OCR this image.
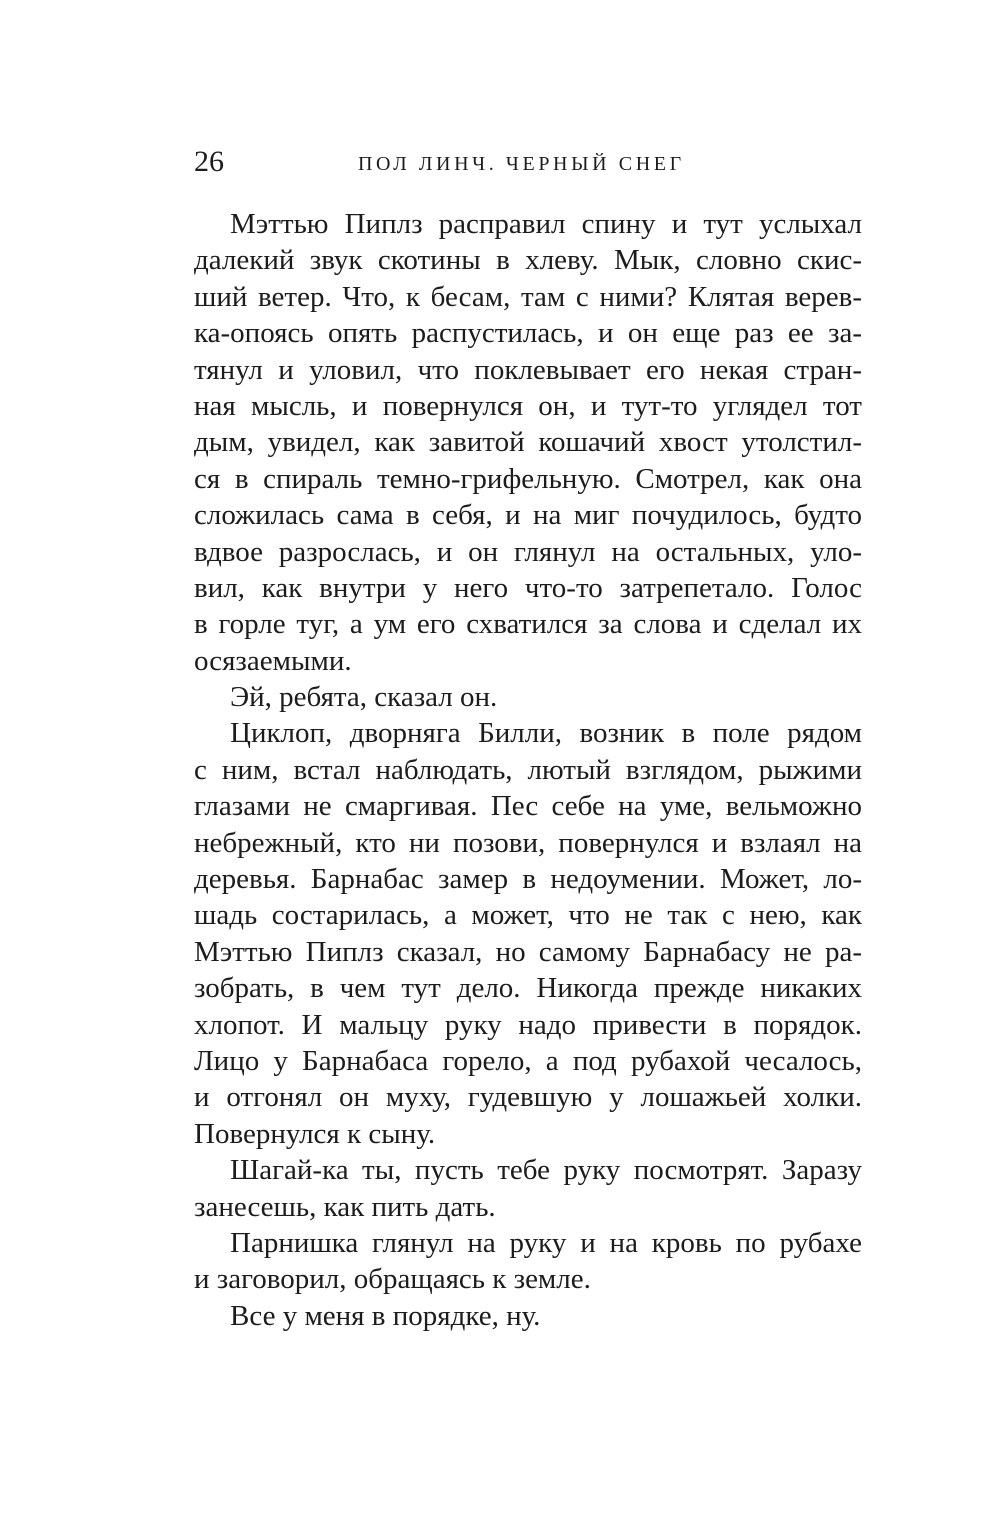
26	ПОЛ ЛИНЧ. ЧЕРНЫЙ СНЕГ
Мэттью Пиплз расправил спину и тут услыхал
далекий звук скотины в хлеву. Мык, словно скис-
ший ветер. Что, к бесам, там с ними? Клятая верев-
ка-опоясь опять распустилась, и он еще раз ее за-
тянул и уловил, что поклевывает его некая стран-
ная мысль, и повернулся он, и тут-то углядел тот
дым, увидел, как завитой кошачий хвост утолстил-
ся в спираль темно-грифельную. Смотрел, как она
сложилась сама в себя, и на миг почудилось, будто
вдвое разрослась, и он глянул на остальных, уло-
вил, как внутри у него что-то затрепетало. Голос
в горле туг, а ум его схватился за слова и сделал их
осязаемыми.
Эй, ребята, сказал он.
Циклоп, дворняга Билли, возник в поле рядом
с ним, встал наблюдать, лютый взглядом, рыжими
глазами не смаргивая. Пес себе на уме, вельможно
небрежный, кто ни позови, повернулся и взлаял на
деревья. Барнабас замер в недоумении. Может, ло-
шадь состарилась, а может, что не так с нею, как
Мэттью Пиплз сказал, но самому Барнабасу не ра-
зобрать, в чем тут дело. Никогда прежде никаких
хлопот. И мальцу руку надо привести в порядок.
Лицо у Барнабаса горело, а под рубахой чесалось,
и отгонял он муху, гудевшую у лошажьей холки.
Повернулся к сыну.
Шагай-ка ты, пусть тебе руку посмотрят. Заразу
занесешь, как пить дать.
Парнишка глянул на руку и на кровь по рубахе
и заговорил, обращаясь к земле.
Все у меня в порядке, ну.
